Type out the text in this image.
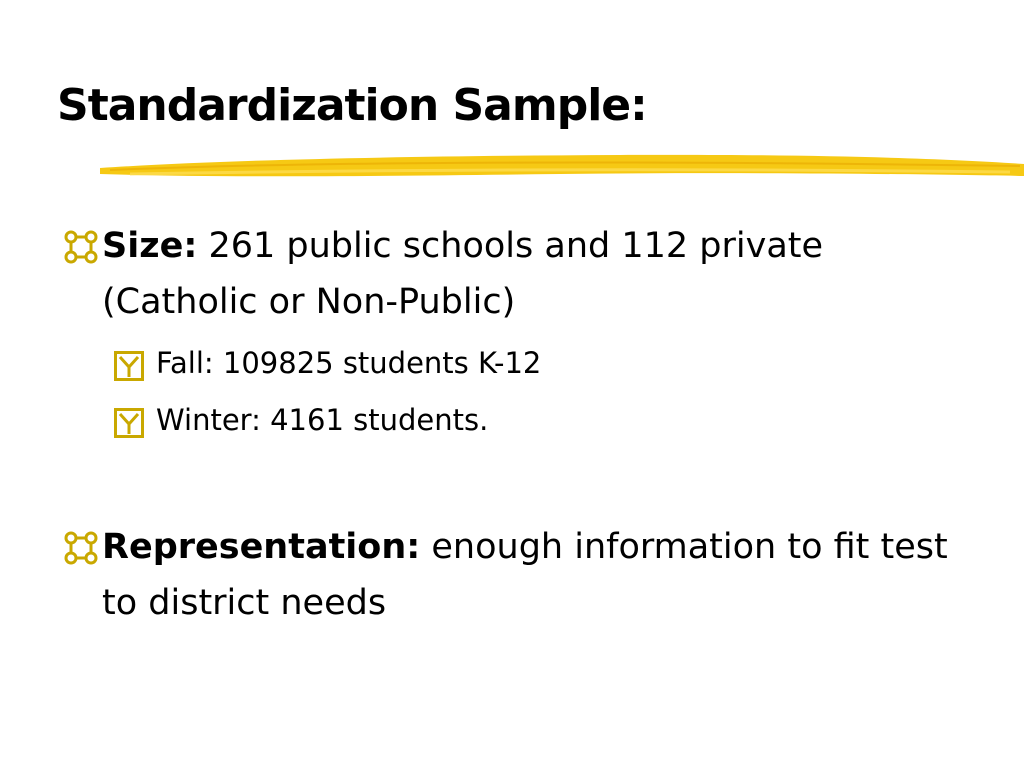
Standardization Sample:
Size: 261 public schools and 112 private (Catholic or Non-Public)
Fall: 109825 students K-12
Winter: 4161 students.
Representation: enough information to fit test to district needs
